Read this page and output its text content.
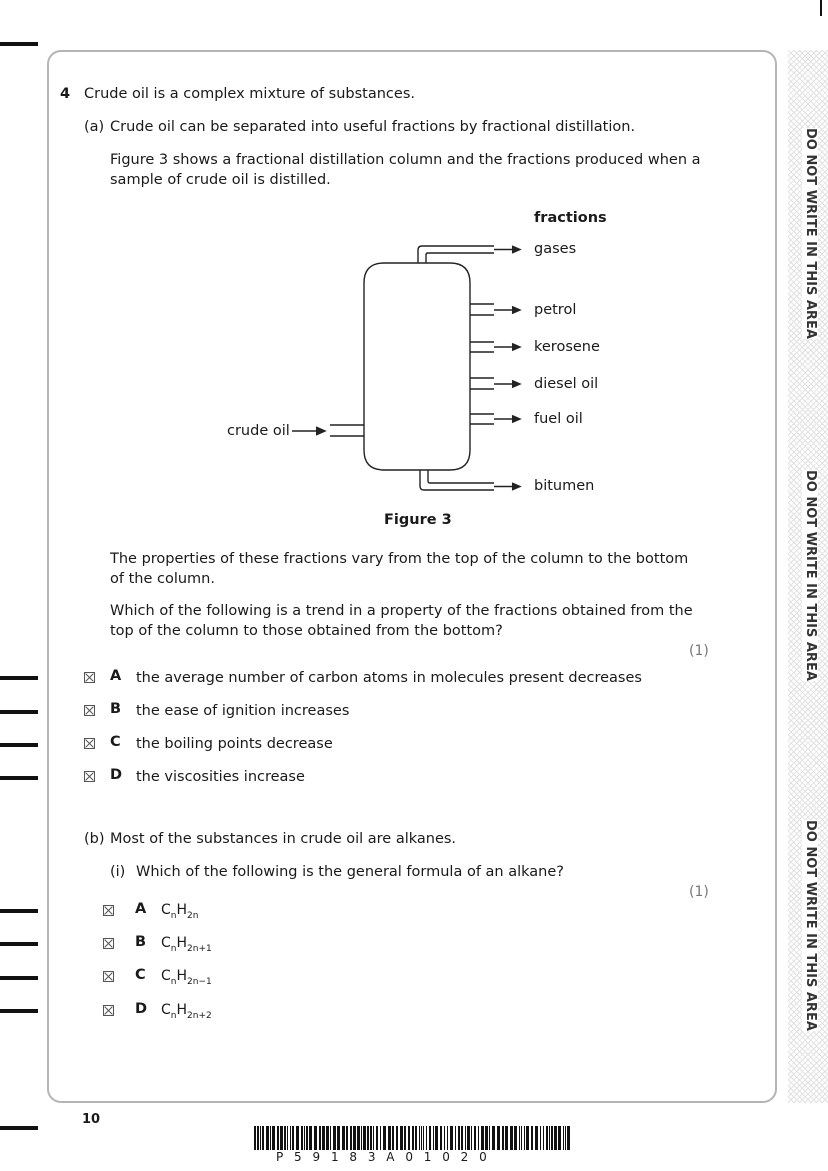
DO NOT WRITE IN THIS AREA
DO NOT WRITE IN THIS AREA
DO NOT WRITE IN THIS AREA
4 Crude oil is a complex mixture of substances.
(a) Crude oil can be separated into useful fractions by fractional distillation.
Figure 3 shows a fractional distillation column and the fractions produced when a
sample of crude oil is distilled.
fractions
gases
petrol
kerosene
diesel oil
fuel oil
bitumen
crude oil
Figure 3
The properties of these fractions vary from the top of the column to the bottom
of the column.
Which of the following is a trend in a property of the fractions obtained from the
top of the column to those obtained from the bottom?
(1)
A the average number of carbon atoms in molecules present decreases
B the ease of ignition increases
C the boiling points decrease
D the viscosities increase
(b) Most of the substances in crude oil are alkanes.
(i) Which of the following is the general formula of an alkane?
(1)
A $C_nH_{2n}$
B $C_nH_{2n+1}$
C $C_nH_{2n-1}$
D $C_nH_{2n+2}$
10
P 5 9 1 8 3 A 0 1 0 2 0
